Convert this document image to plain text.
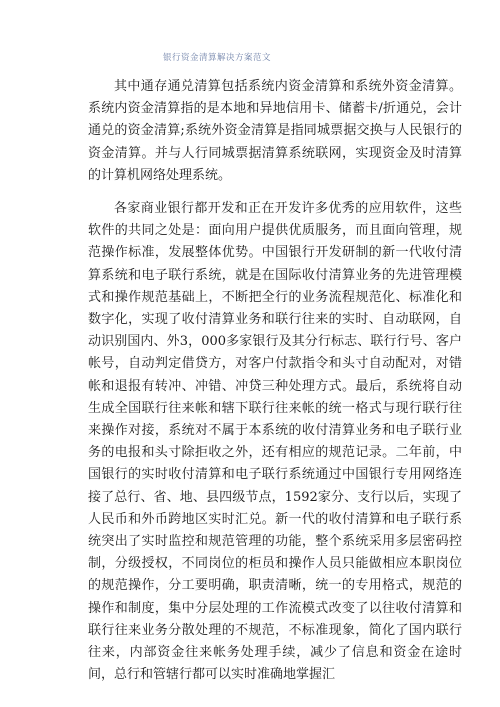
银行资金清算解决方案范文

其中通存通兑清算包括系统内资金清算和系统外资金清算。系统内资金清算指的是本地和异地信用卡、储蓄卡/折通兑，会计通兑的资金清算;系统外资金清算是指同城票据交换与人民银行的资金清算。并与人行同城票据清算系统联网，实现资金及时清算的计算机网络处理系统。

各家商业银行都开发和正在开发许多优秀的应用软件，这些软件的共同之处是：面向用户提供优质服务，而且面向管理，规范操作标准，发展整体优势。中国银行开发研制的新一代收付清算系统和电子联行系统，就是在国际收付清算业务的先进管理模式和操作规范基础上，不断把全行的业务流程规范化、标准化和数字化，实现了收付清算业务和联行往来的实时、自动联网，自动识别国内、外3，000多家银行及其分行标志、联行行号、客户帐号，自动判定借贷方，对客户付款指令和头寸自动配对，对错帐和退报有转冲、冲错、冲贷三种处理方式。最后，系统将自动生成全国联行往来帐和辖下联行往来帐的统一格式与现行联行往来操作对接，系统对不属于本系统的收付清算业务和电子联行业务的电报和头寸除拒收之外，还有相应的规范记录。二年前，中国银行的实时收付清算和电子联行系统通过中国银行专用网络连接了总行、省、地、县四级节点，1592家分、支行以后，实现了人民币和外币跨地区实时汇兑。新一代的收付清算和电子联行系统突出了实时监控和规范管理的功能，整个系统采用多层密码控制，分级授权，不同岗位的柜员和操作人员只能做相应本职岗位的规范操作，分工要明确，职责清晰，统一的专用格式，规范的操作和制度，集中分层处理的工作流模式改变了以往收付清算和联行往来业务分散处理的不规范，不标准现象，简化了国内联行往来，内部资金往来帐务处理手续，减少了信息和资金在途时间，总行和管辖行都可以实时准确地掌握汇
